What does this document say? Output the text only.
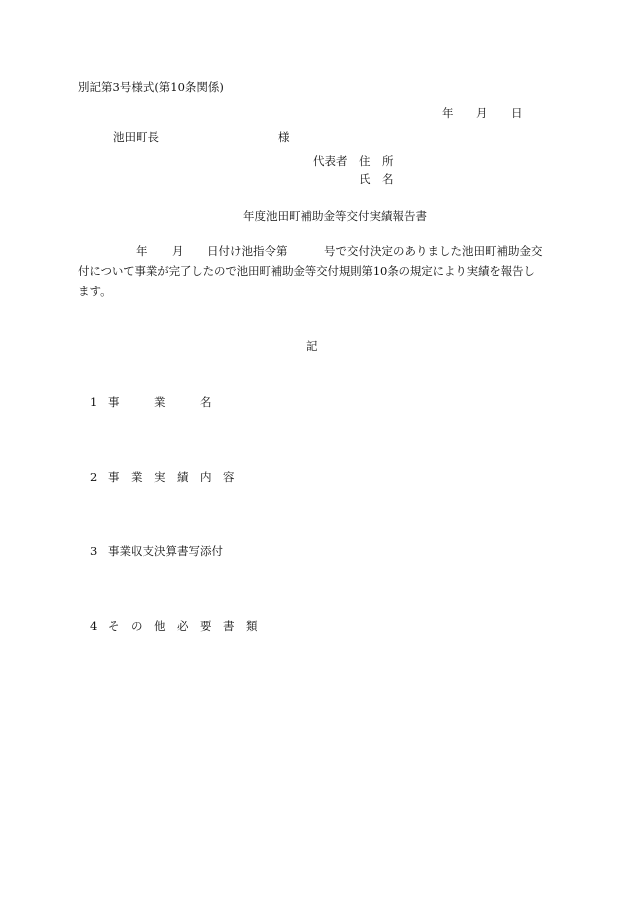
別記第3号様式(第10条関係)
年 月 日
池田町長	様
代表者 住　所
氏　名
年度池田町補助金等交付実績報告書
年 月 日付け池指令第	号で交付決定のありました池田町補助金交
付について事業が完了したので池田町補助金等交付規則第10条の規定により実績を報告し
ます。
記
1 事　　　業　　　名
2 事　業　実　績　内　容
3 事業収支決算書写添付
4 そ　の　他　必　要　書　類
